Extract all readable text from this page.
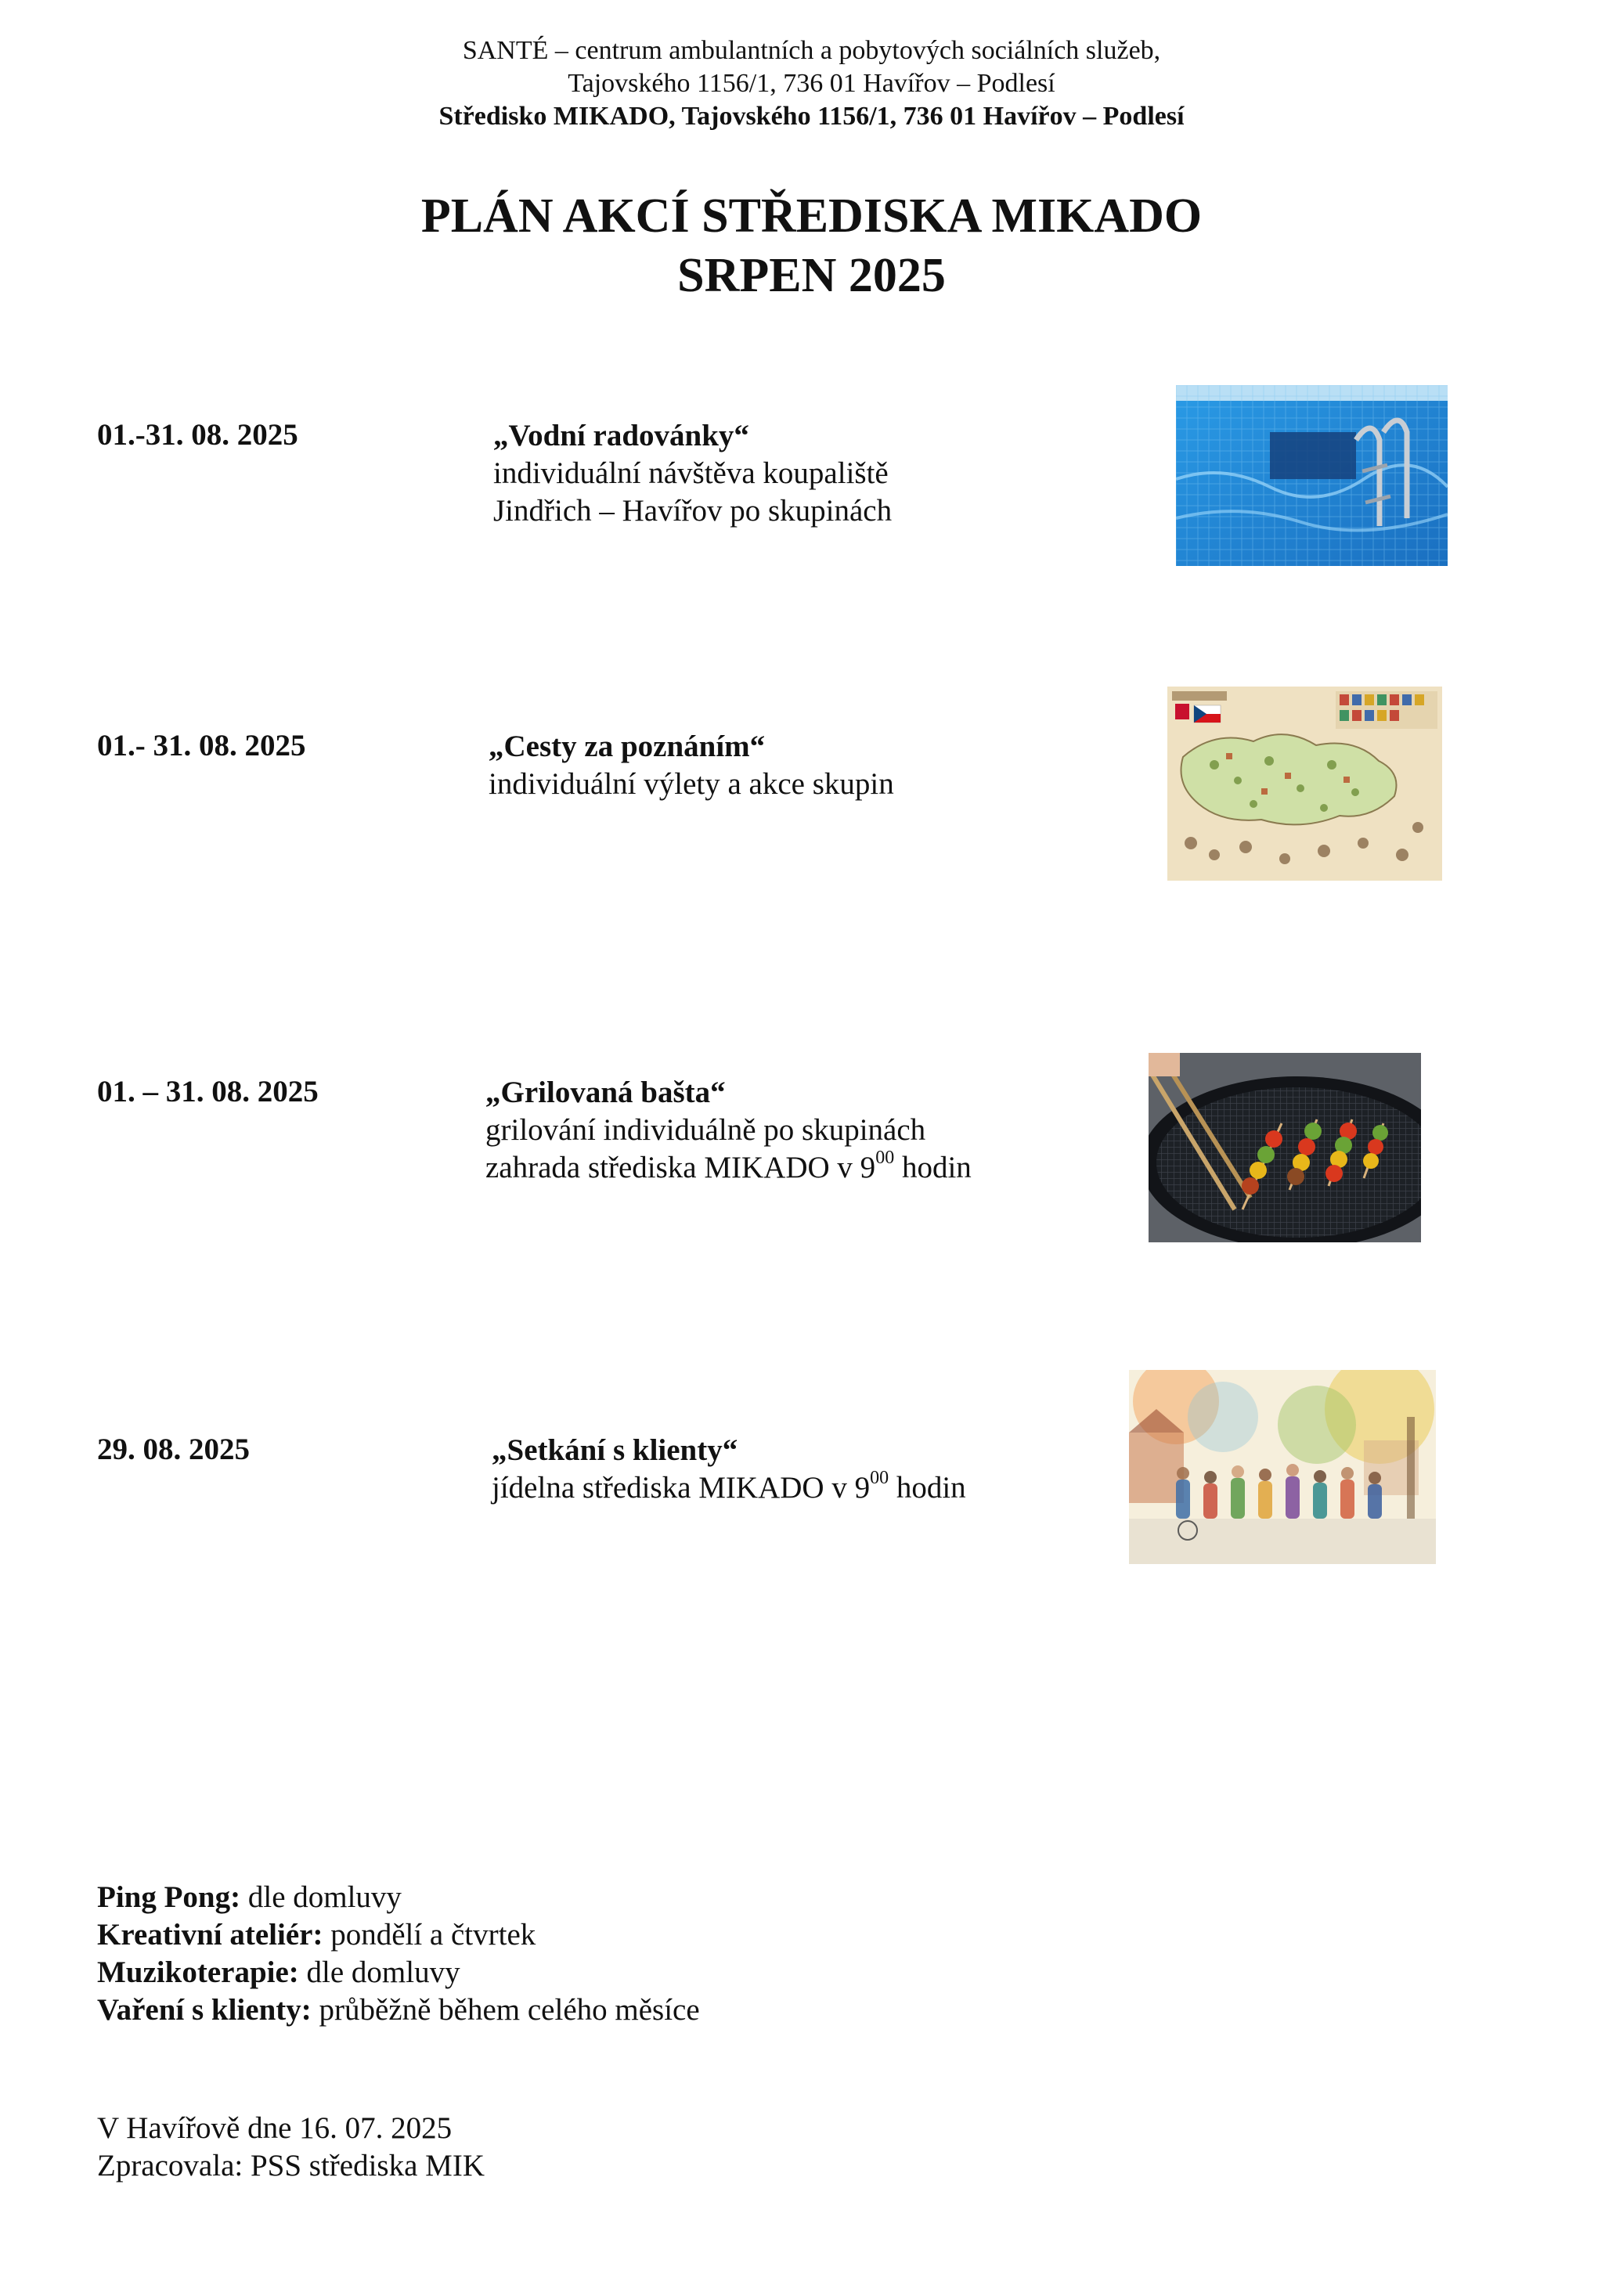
SANTÉ – centrum ambulantních a pobytových sociálních služeb,
Tajovského 1156/1, 736 01 Havířov – Podlesí
Středisko MIKADO, Tajovského 1156/1, 736 01 Havířov – Podlesí
PLÁN AKCÍ STŘEDISKA MIKADO
SRPEN 2025
01.-31. 08. 2025	„Vodní radovánky“
individuální návštěva koupaliště
Jindřich – Havířov po skupinách
01.- 31. 08. 2025	„Cesty za poznáním“
individuální výlety a akce skupin
01. – 31. 08. 2025	„Grilovaná bašta“
grilování individuálně po skupinách
zahrada střediska MIKADO v $9^{00}$ hodin
29. 08. 2025	„Setkání s klienty“
jídelna střediska MIKADO v $9^{00}$ hodin
Ping Pong: dle domluvy
Kreativní ateliér: pondělí a čtvrtek
Muzikoterapie: dle domluvy
Vaření s klienty: průběžně během celého měsíce
V Havířově dne 16. 07. 2025
Zpracovala: PSS střediska MIK
